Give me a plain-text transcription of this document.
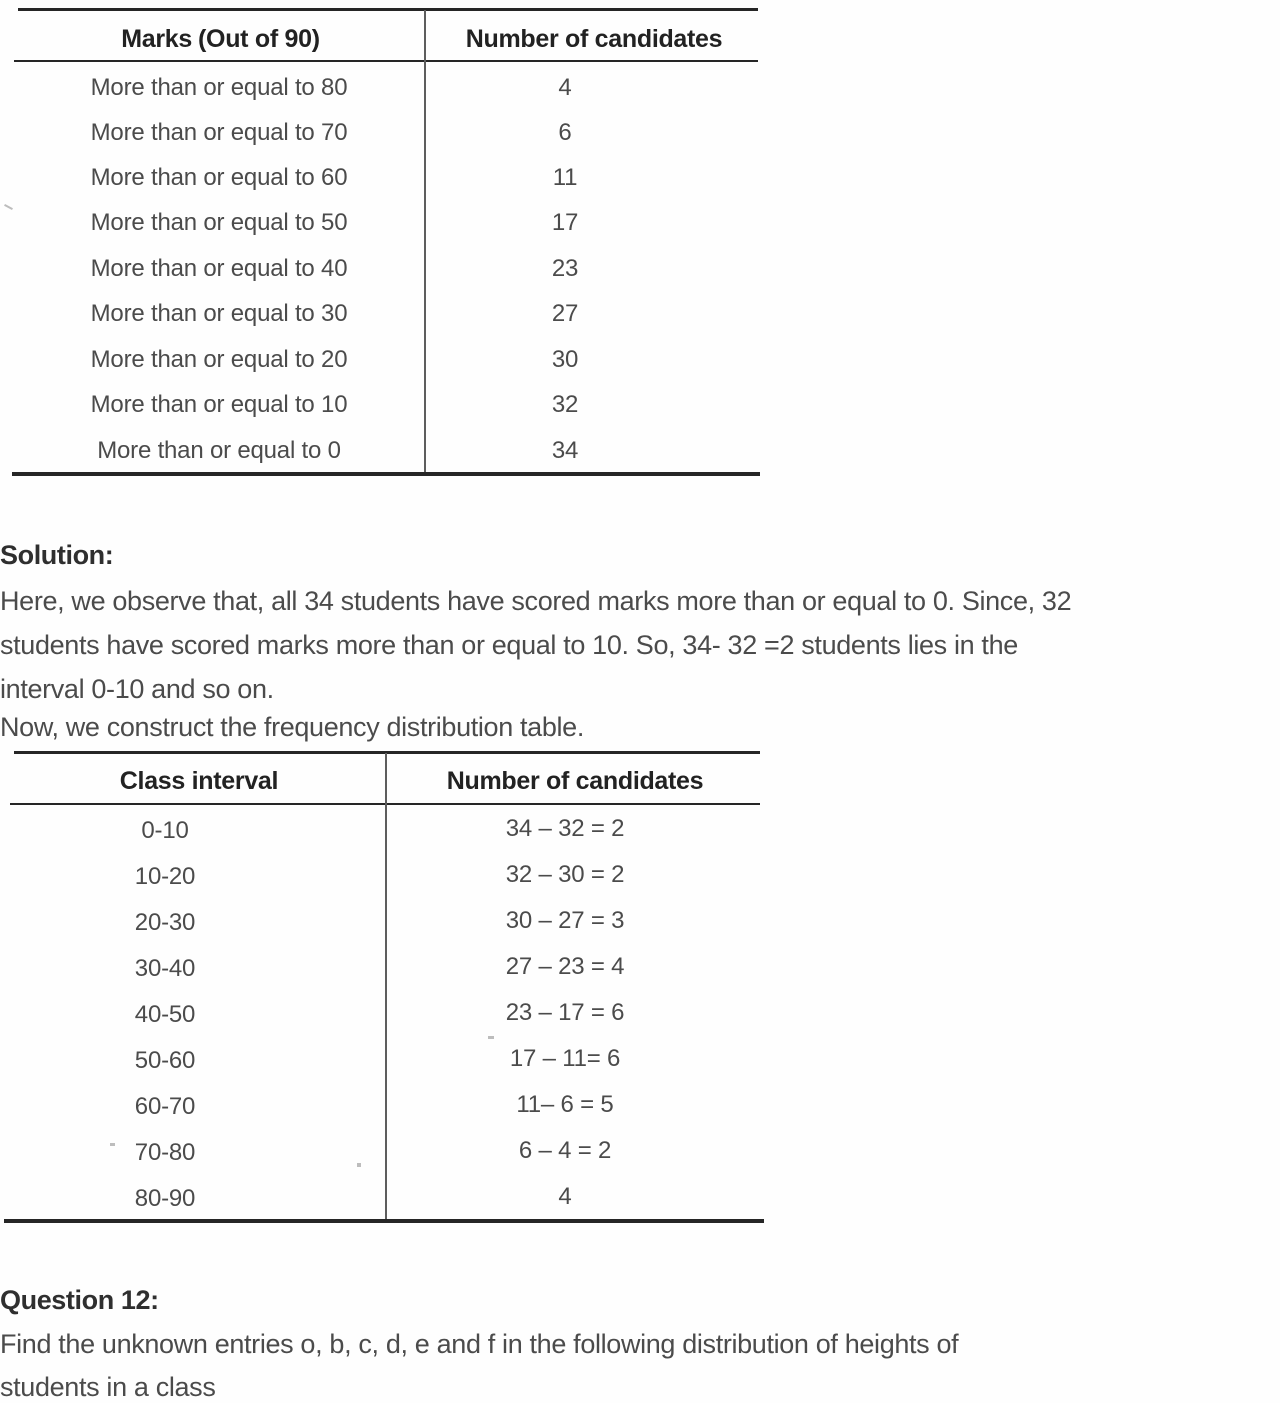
Marks (Out of 90)	Number of candidates
More than or equal to 80	4
More than or equal to 70	6
More than or equal to 60	11
More than or equal to 50	17
More than or equal to 40	23
More than or equal to 30	27
More than or equal to 20	30
More than or equal to 10	32
More than or equal to 0	34
Solution:
Here, we observe that, all 34 students have scored marks more than or equal to 0. Since, 32
students have scored marks more than or equal to 10. So, 34- 32 =2 students lies in the
interval 0-10 and so on.
Now, we construct the frequency distribution table.
Class interval	Number of candidates
0-10	34 – 32 = 2
10-20	32 – 30 = 2
20-30	30 – 27 = 3
30-40	27 – 23 = 4
40-50	23 – 17 = 6
50-60	17 – 11= 6
60-70	11– 6 = 5
70-80	6 – 4 = 2
80-90	4
Question 12:
Find the unknown entries o, b, c, d, e and f in the following distribution of heights of
students in a class
